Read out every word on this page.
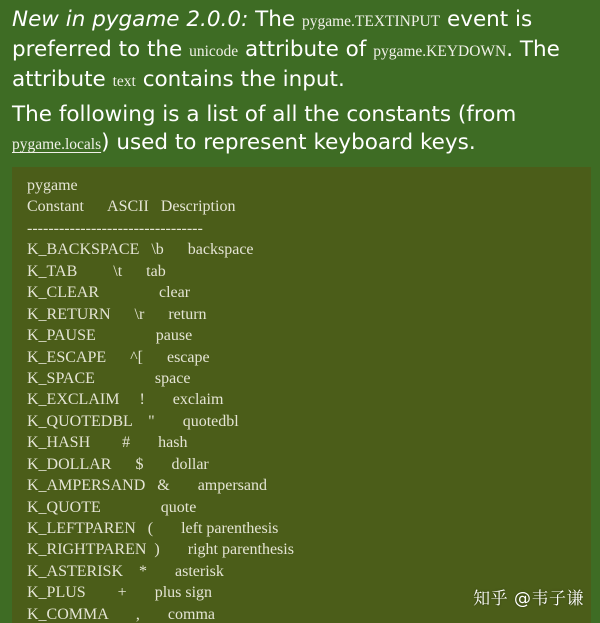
New in pygame 2.0.0: The pygame.TEXTINPUT event is preferred to the unicode attribute of pygame.KEYDOWN. The attribute text contains the input.

The following is a list of all the constants (from pygame.locals) used to represent keyboard keys.

pygame
Constant      ASCII   Description
---------------------------------
K_BACKSPACE   \b      backspace
K_TAB         \t      tab
K_CLEAR               clear
K_RETURN      \r      return
K_PAUSE               pause
K_ESCAPE      ^[      escape
K_SPACE               space
K_EXCLAIM     !       exclaim
K_QUOTEDBL    "       quotedbl
K_HASH        #       hash
K_DOLLAR      $       dollar
K_AMPERSAND   &       ampersand
K_QUOTE               quote
K_LEFTPAREN   (       left parenthesis
K_RIGHTPAREN  )       right parenthesis
K_ASTERISK    *       asterisk
K_PLUS        +       plus sign
K_COMMA       ,       comma
知乎 @韦子谦
